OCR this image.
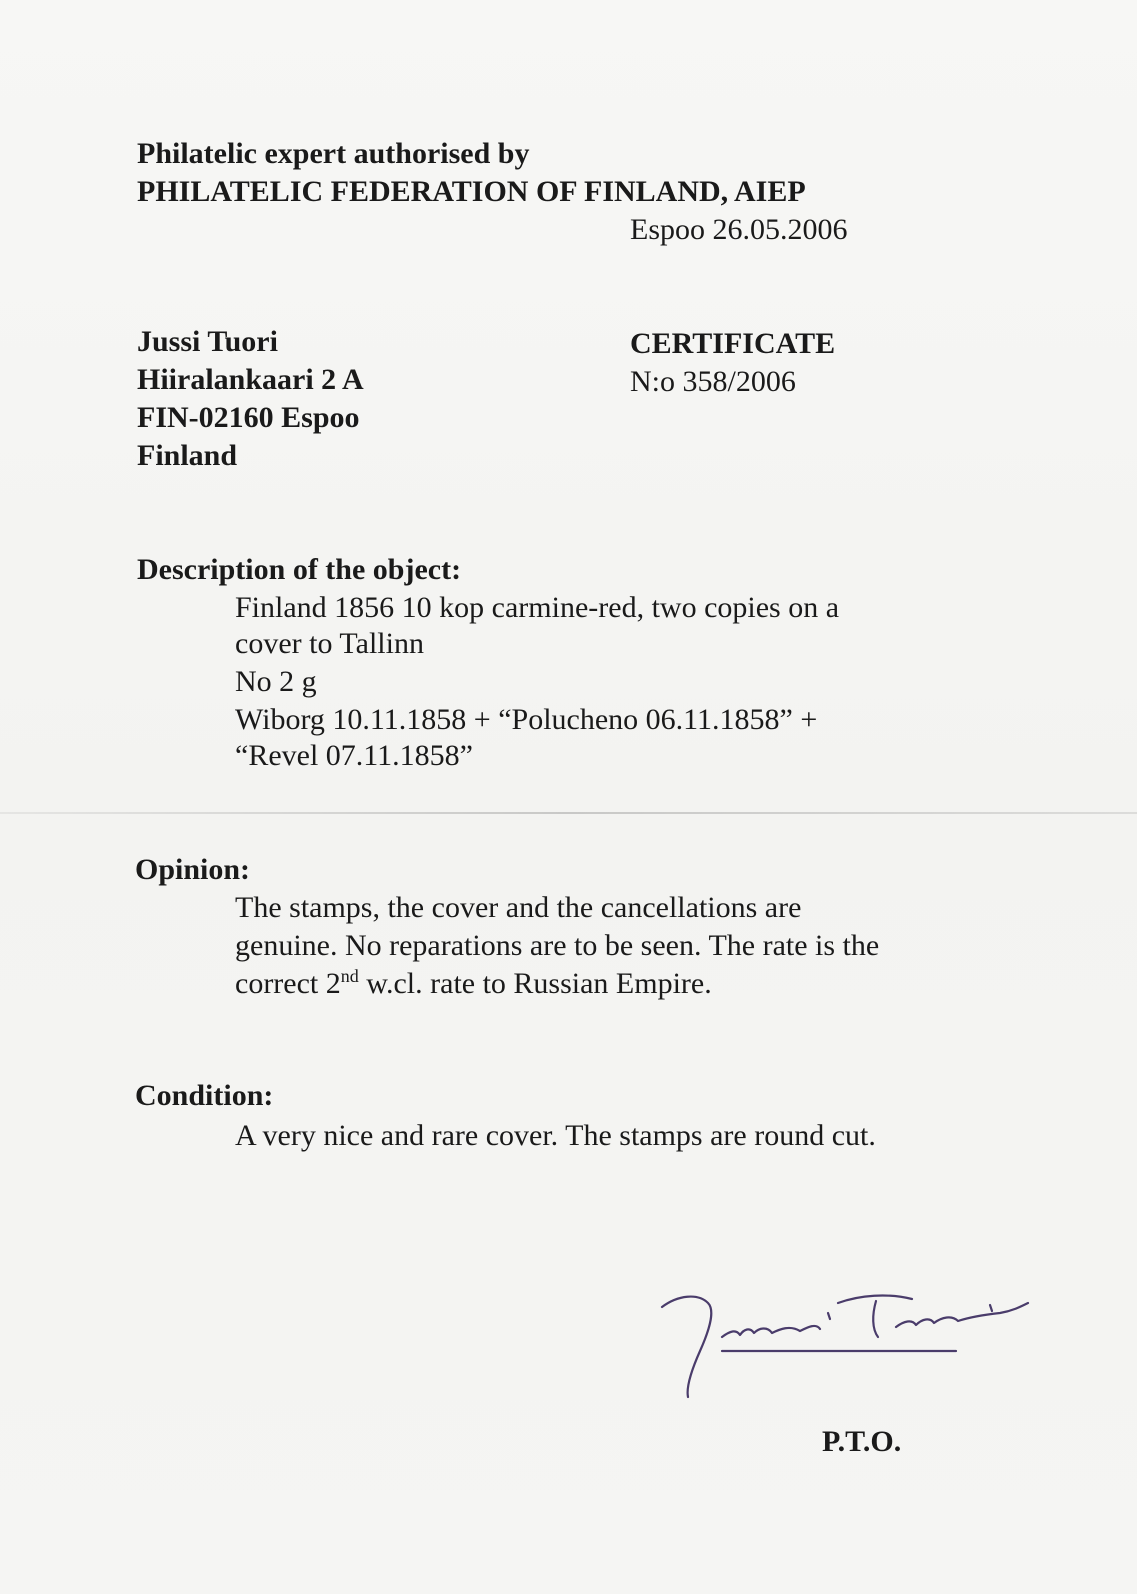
Philatelic expert authorised by
PHILATELIC FEDERATION OF FINLAND, AIEP
Espoo 26.05.2006
Jussi Tuori
Hiiralankaari 2 A
FIN-02160 Espoo
Finland
CERTIFICATE
N:o 358/2006
Description of the object:
Finland 1856 10 kop carmine-red, two copies on a
cover to Tallinn
No 2 g
Wiborg 10.11.1858 + “Polucheno 06.11.1858” +
“Revel 07.11.1858”
Opinion:
The stamps, the cover and the cancellations are
genuine. No reparations are to be seen. The rate is the
correct 2nd w.cl. rate to Russian Empire.
Condition:
A very nice and rare cover. The stamps are round cut.
P.T.O.
